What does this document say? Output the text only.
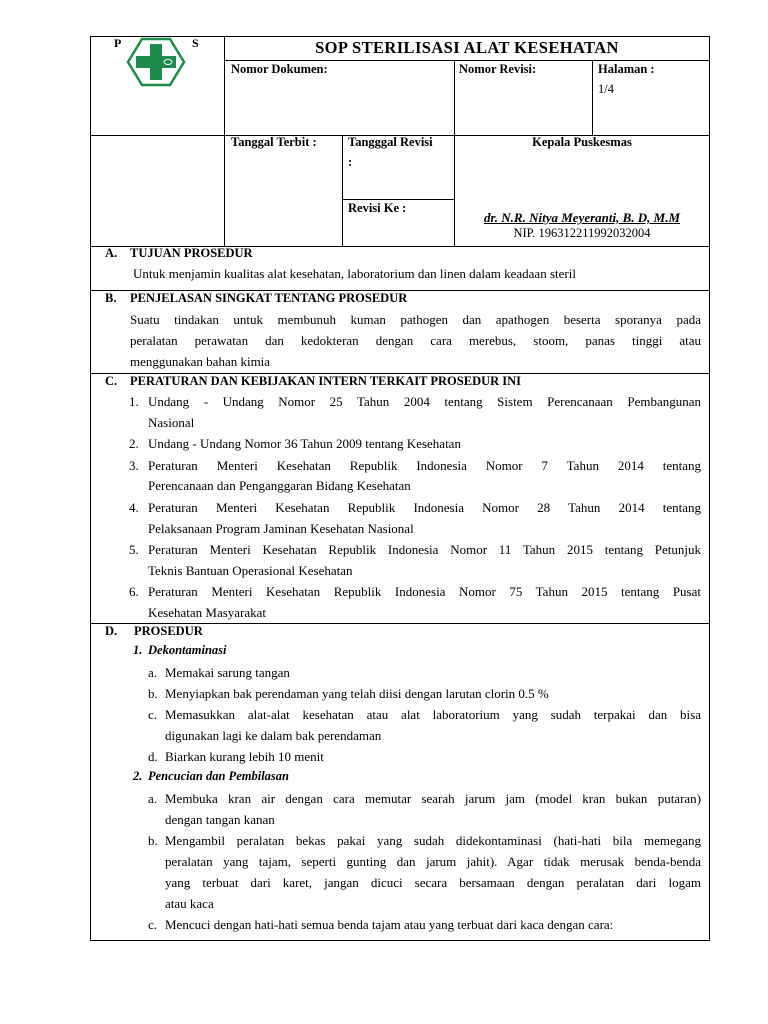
P	S	SOP STERILISASI ALAT KESEHATAN
Nomor Dokumen:	Nomor Revisi:	Halaman :
1/4
Tanggal Terbit :	Tangggal Revisi
:
Revisi Ke :
Kepala Puskesmas
dr. N.R. Nitya Meyeranti, B. D, M.M
NIP. 196312211992032004
A. TUJUAN PROSEDUR
Untuk menjamin kualitas alat kesehatan, laboratorium dan linen dalam keadaan steril
B. PENJELASAN SINGKAT TENTANG PROSEDUR
Suatu tindakan untuk membunuh kuman pathogen dan apathogen beserta sporanya pada
peralatan perawatan dan kedokteran dengan cara merebus, stoom, panas tinggi atau
menggunakan bahan kimia
C. PERATURAN DAN KEBIJAKAN INTERN TERKAIT PROSEDUR INI
1. Undang - Undang Nomor 25 Tahun 2004 tentang Sistem Perencanaan Pembangunan
Nasional
2. Undang - Undang Nomor 36 Tahun 2009 tentang Kesehatan
3. Peraturan Menteri Kesehatan Republik Indonesia Nomor 7 Tahun 2014 tentang
Perencanaan dan Penganggaran Bidang Kesehatan
4. Peraturan Menteri Kesehatan Republik Indonesia Nomor 28 Tahun 2014 tentang
Pelaksanaan Program Jaminan Kesehatan Nasional
5. Peraturan Menteri Kesehatan Republik Indonesia Nomor 11 Tahun 2015 tentang Petunjuk
Teknis Bantuan Operasional Kesehatan
6. Peraturan Menteri Kesehatan Republik Indonesia Nomor 75 Tahun 2015 tentang Pusat
Kesehatan Masyarakat
D. PROSEDUR
1. Dekontaminasi
a. Memakai sarung tangan
b. Menyiapkan bak perendaman yang telah diisi dengan larutan clorin 0.5 %
c. Memasukkan alat-alat kesehatan atau alat laboratorium yang sudah terpakai dan bisa
digunakan lagi ke dalam bak perendaman
d. Biarkan kurang lebih 10 menit
2. Pencucian dan Pembilasan
a. Membuka kran air dengan cara memutar searah jarum jam (model kran bukan putaran)
dengan tangan kanan
b. Mengambil peralatan bekas pakai yang sudah didekontaminasi (hati-hati bila memegang
peralatan yang tajam, seperti gunting dan jarum jahit). Agar tidak merusak benda-benda
yang terbuat dari karet, jangan dicuci secara bersamaan dengan peralatan dari logam
atau kaca
c. Mencuci dengan hati-hati semua benda tajam atau yang terbuat dari kaca dengan cara:
